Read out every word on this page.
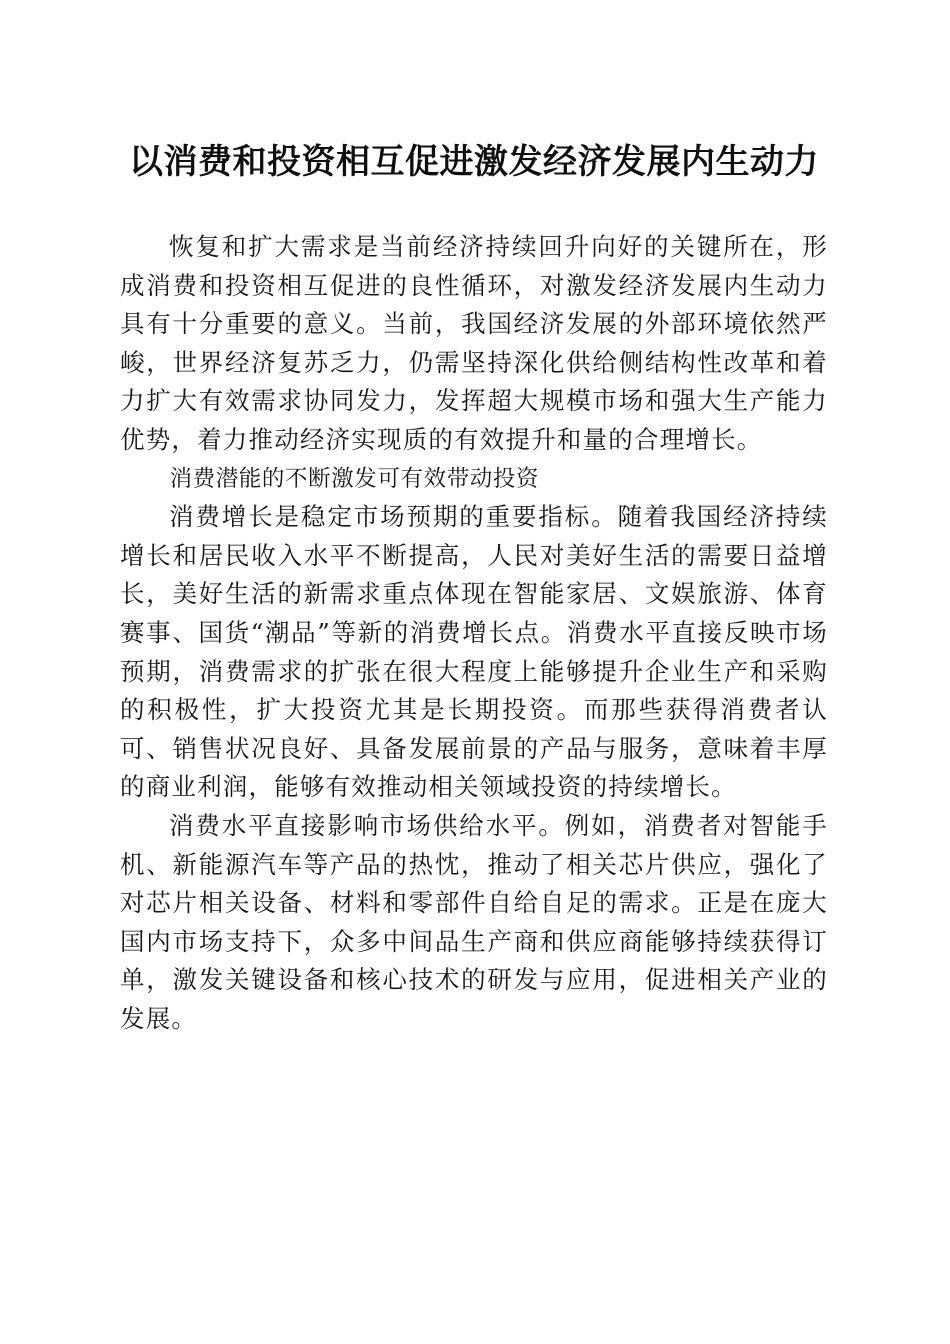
以消费和投资相互促进激发经济发展内生动力

恢复和扩大需求是当前经济持续回升向好的关键所在，形成消费和投资相互促进的良性循环，对激发经济发展内生动力具有十分重要的意义。当前，我国经济发展的外部环境依然严峻，世界经济复苏乏力，仍需坚持深化供给侧结构性改革和着力扩大有效需求协同发力，发挥超大规模市场和强大生产能力优势，着力推动经济实现质的有效提升和量的合理增长。

消费潜能的不断激发可有效带动投资

消费增长是稳定市场预期的重要指标。随着我国经济持续增长和居民收入水平不断提高，人民对美好生活的需要日益增长，美好生活的新需求重点体现在智能家居、文娱旅游、体育赛事、国货“潮品”等新的消费增长点。消费水平直接反映市场预期，消费需求的扩张在很大程度上能够提升企业生产和采购的积极性，扩大投资尤其是长期投资。而那些获得消费者认可、销售状况良好、具备发展前景的产品与服务，意味着丰厚的商业利润，能够有效推动相关领域投资的持续增长。

消费水平直接影响市场供给水平。例如，消费者对智能手机、新能源汽车等产品的热忱，推动了相关芯片供应，强化了对芯片相关设备、材料和零部件自给自足的需求。正是在庞大国内市场支持下，众多中间品生产商和供应商能够持续获得订单，激发关键设备和核心技术的研发与应用，促进相关产业的发展。
